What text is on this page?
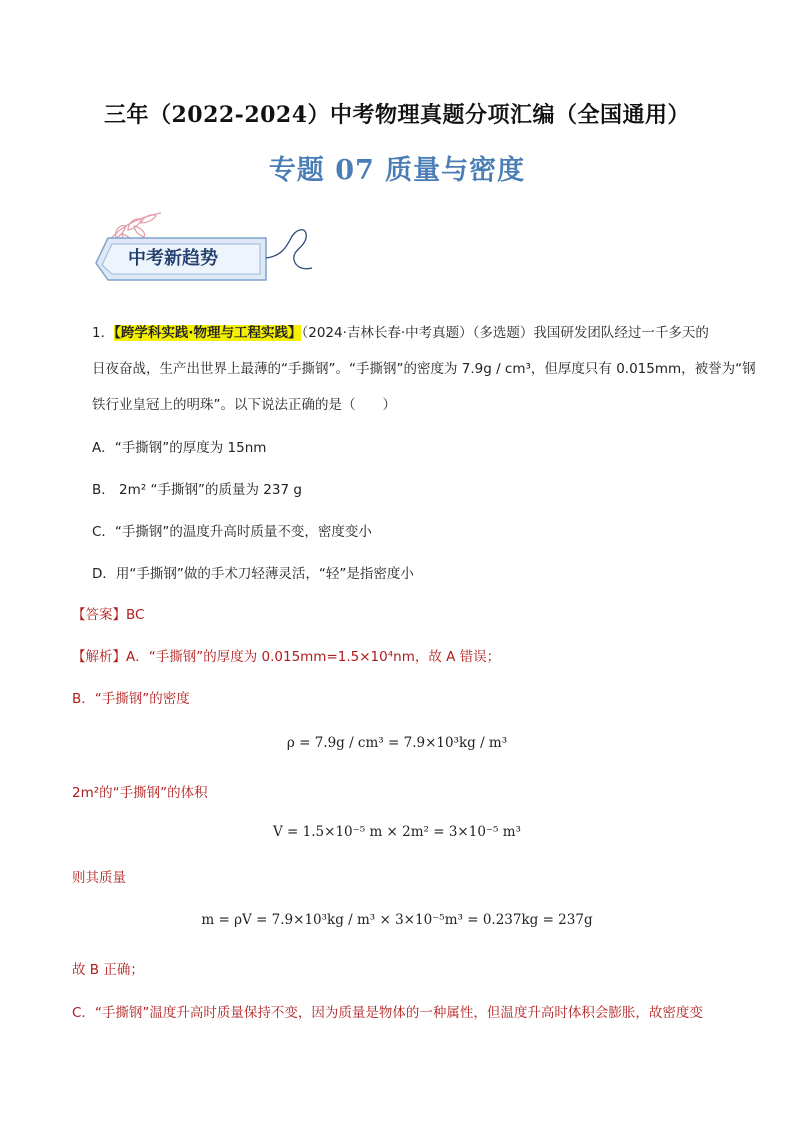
三年（2022-2024）中考物理真题分项汇编（全国通用）
专题 07 质量与密度
中考新趋势
1．【跨学科实践·物理与工程实践】（2024·吉林长春·中考真题）（多选题）我国研发团队经过一千多天的
日夜奋战，生产出世界上最薄的“手撕钢”。“手撕钢”的密度为 7.9g / cm³，但厚度只有 0.015mm，被誉为“钢
铁行业皇冠上的明珠”。以下说法正确的是（　　）
A．“手撕钢”的厚度为 15nm
B． 2m² “手撕钢”的质量为 237 g
C．“手撕钢”的温度升高时质量不变，密度变小
D．用“手撕钢”做的手术刀轻薄灵活，“轻”是指密度小
【答案】BC
【解析】A．“手撕钢”的厚度为 0.015mm=1.5×10⁴nm，故 A 错误；
B．“手撕钢”的密度
ρ = 7.9g / cm³ = 7.9×10³kg / m³
2m²的“手撕钢”的体积
V = 1.5×10⁻⁵ m × 2m² = 3×10⁻⁵ m³
则其质量
m = ρV = 7.9×10³kg / m³ × 3×10⁻⁵m³ = 0.237kg = 237g
故 B 正确；
C．“手撕钢”温度升高时质量保持不变，因为质量是物体的一种属性，但温度升高时体积会膨胀，故密度变
